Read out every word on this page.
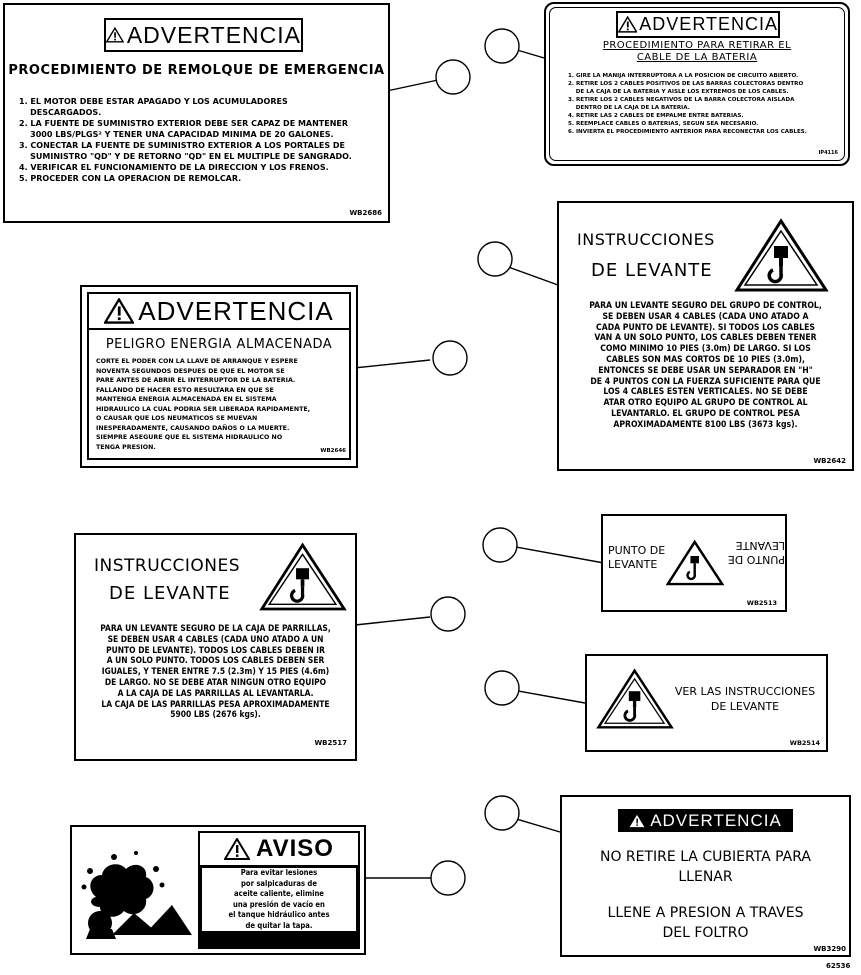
ADVERTENCIA
PROCEDIMIENTO DE REMOLQUE DE EMERGENCIA
1. EL MOTOR DEBE ESTAR APAGADO Y LOS ACUMULADORES
DESCARGADOS.
2. LA FUENTE DE SUMINISTRO EXTERIOR DEBE SER CAPAZ DE MANTENER
3000 LBS/PLGS² Y TENER UNA CAPACIDAD MINIMA DE 20 GALONES.
3. CONECTAR LA FUENTE DE SUMINISTRO EXTERIOR A LOS PORTALES DE
SUMINISTRO "QD" Y DE RETORNO "QD" EN EL MULTIPLE DE SANGRADO.
4. VERIFICAR EL FUNCIONAMIENTO DE LA DIRECCION Y LOS FRENOS.
5. PROCEDER CON LA OPERACION DE REMOLCAR.
WB2686
ADVERTENCIA
PROCEDIMIENTO PARA RETIRAR EL
CABLE DE LA BATERIA
1. GIRE LA MANIJA INTERRUPTORA A LA POSICION DE CIRCUITO ABIERTO.
2. RETIRE LOS 2 CABLES POSITIVOS DE LAS BARRAS COLECTORAS DENTRO
DE LA CAJA DE LA BATERIA Y AISLE LOS EXTREMOS DE LOS CABLES.
3. RETIRE LOS 2 CABLES NEGATIVOS DE LA BARRA COLECTORA AISLADA
DENTRO DE LA CAJA DE LA BATERIA.
4. RETIRE LAS 2 CABLES DE EMPALME ENTRE BATERIAS.
5. REEMPLACE CABLES O BATERIAS, SEGUN SEA NECESARIO.
6. INVIERTA EL PROCEDIMIENTO ANTERIOR PARA RECONECTAR LOS CABLES.
IP4116
ADVERTENCIA
PELIGRO ENERGIA ALMACENADA
CORTE EL PODER CON LA LLAVE DE ARRANQUE Y ESPERE
NOVENTA SEGUNDOS DESPUES DE QUE EL MOTOR SE
PARE ANTES DE ABRIR EL INTERRUPTOR DE LA BATERIA.
FALLANDO DE HACER ESTO RESULTARA EN QUE SE
MANTENGA ENERGIA ALMACENADA EN EL SISTEMA
HIDRAULICO LA CUAL PODRIA SER LIBERADA RAPIDAMENTE,
O CAUSAR QUE LOS NEUMATICOS SE MUEVAN
INESPERADAMENTE, CAUSANDO DAÑOS O LA MUERTE.
SIEMPRE ASEGURE QUE EL SISTEMA HIDRAULICO NO
TENGA PRESION.
WB2646
INSTRUCCIONES
DE LEVANTE
PARA UN LEVANTE SEGURO DEL GRUPO DE CONTROL,
SE DEBEN USAR 4 CABLES (CADA UNO ATADO A
CADA PUNTO DE LEVANTE). SI TODOS LOS CABLES
VAN A UN SOLO PUNTO, LOS CABLES DEBEN TENER
COMO MINIMO 10 PIES (3.0m) DE LARGO. SI LOS
CABLES SON MAS CORTOS DE 10 PIES (3.0m),
ENTONCES SE DEBE USAR UN SEPARADOR EN "H"
DE 4 PUNTOS CON LA FUERZA SUFICIENTE PARA QUE
LOS 4 CABLES ESTEN VERTICALES. NO SE DEBE
ATAR OTRO EQUIPO AL GRUPO DE CONTROL AL
LEVANTARLO. EL GRUPO DE CONTROL PESA
APROXIMADAMENTE 8100 LBS (3673 kgs).
WB2642
INSTRUCCIONES
DE LEVANTE
PARA UN LEVANTE SEGURO DE LA CAJA DE PARRILLAS,
SE DEBEN USAR 4 CABLES (CADA UNO ATADO A UN
PUNTO DE LEVANTE). TODOS LOS CABLES DEBEN IR
A UN SOLO PUNTO. TODOS LOS CABLES DEBEN SER
IGUALES, Y TENER ENTRE 7.5 (2.3m) Y 15 PIES (4.6m)
DE LARGO. NO SE DEBE ATAR NINGUN OTRO EQUIPO
A LA CAJA DE LAS PARRILLAS AL LEVANTARLA.
LA CAJA DE LAS PARRILLAS PESA APROXIMADAMENTE
5900 LBS (2676 kgs).
WB2517
PUNTO DE
LEVANTE	PUNTO DE
LEVANTE
WB2513
VER LAS INSTRUCCIONES
DE LEVANTE
WB2514
AVISO
Para evitar lesiones
por salpicaduras de
aceite caliente, elimine
una presión de vacío en
el tanque hidráulico antes
de quitar la tapa.
WB2889Y
ADVERTENCIA
NO RETIRE LA CUBIERTA PARA
LLENAR
LLENE A PRESION A TRAVES
DEL FOLTRO
WB3290
62536
